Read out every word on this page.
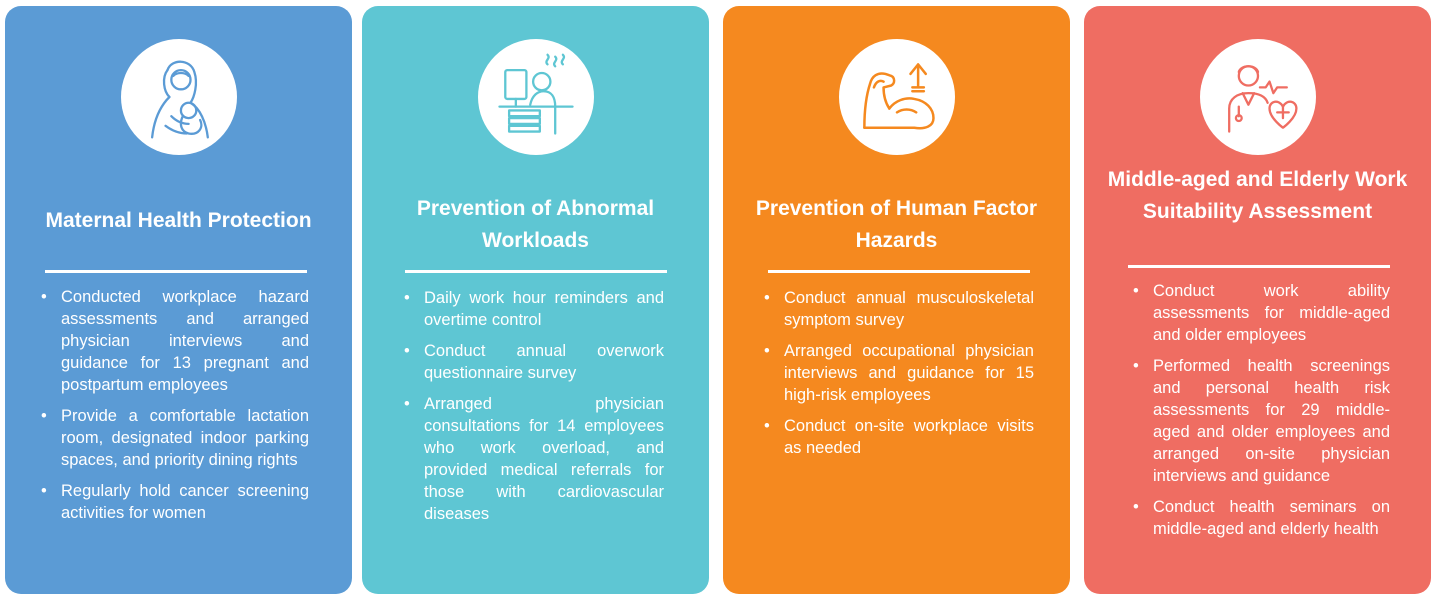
Maternal Health Protection
• Conducted workplace hazard assessments and arranged physician interviews and guidance for 13 pregnant and postpartum employees
• Provide a comfortable lactation room, designated indoor parking spaces, and priority dining rights
• Regularly hold cancer screening activities for women
Prevention of Abnormal Workloads
• Daily work hour reminders and overtime control
• Conduct annual overwork questionnaire survey
• Arranged physician consultations for 14 employees who work overload, and provided medical referrals for those with cardiovascular diseases
Prevention of Human Factor Hazards
• Conduct annual musculoskeletal symptom survey
• Arranged occupational physician interviews and guidance for 15 high-risk employees
• Conduct on-site workplace visits as needed
Middle-aged and Elderly Work Suitability Assessment
• Conduct work ability assessments for middle-aged and older employees
• Performed health screenings and personal health risk assessments for 29 middle-aged and older employees and arranged on-site physician interviews and guidance
• Conduct health seminars on middle-aged and elderly health
